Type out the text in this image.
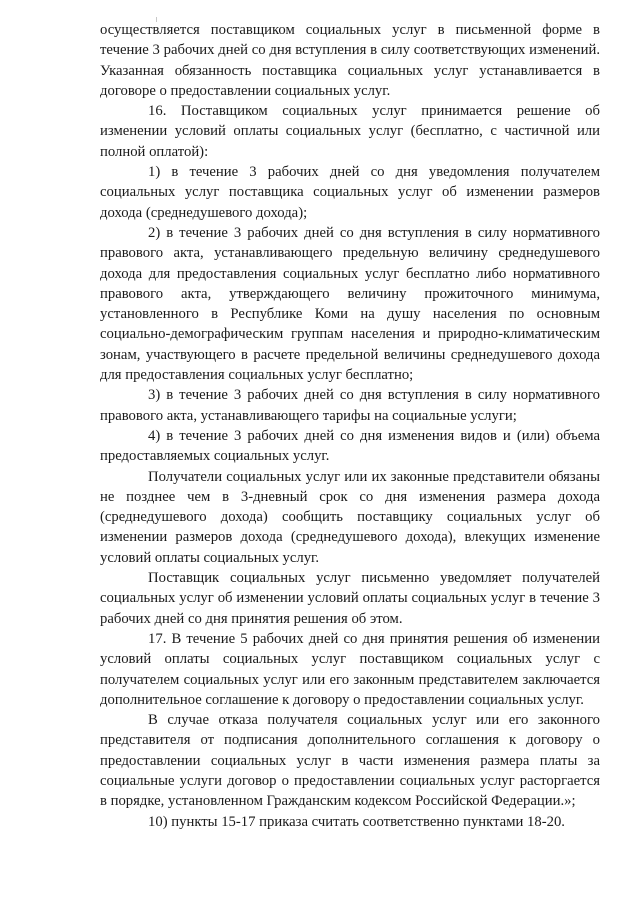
осуществляется поставщиком социальных услуг в письменной форме в течение 3 рабочих дней со дня вступления в силу соответствующих изменений. Указанная обязанность поставщика социальных услуг устанавливается в договоре о предоставлении социальных услуг.

16. Поставщиком социальных услуг принимается решение об изменении условий оплаты социальных услуг (бесплатно, с частичной или полной оплатой):

1) в течение 3 рабочих дней со дня уведомления получателем социальных услуг поставщика социальных услуг об изменении размеров дохода (среднедушевого дохода);

2) в течение 3 рабочих дней со дня вступления в силу нормативного правового акта, устанавливающего предельную величину среднедушевого дохода для предоставления социальных услуг бесплатно либо нормативного правового акта, утверждающего величину прожиточного минимума, установленного в Республике Коми на душу населения по основным социально-демографическим группам населения и природно-климатическим зонам, участвующего в расчете предельной величины среднедушевого дохода для предоставления социальных услуг бесплатно;

3) в течение 3 рабочих дней со дня вступления в силу нормативного правового акта, устанавливающего тарифы на социальные услуги;

4) в течение 3 рабочих дней со дня изменения видов и (или) объема предоставляемых социальных услуг.

Получатели социальных услуг или их законные представители обязаны не позднее чем в 3-дневный срок со дня изменения размера дохода (среднедушевого дохода) сообщить поставщику социальных услуг об изменении размеров дохода (среднедушевого дохода), влекущих изменение условий оплаты социальных услуг.

Поставщик социальных услуг письменно уведомляет получателей социальных услуг об изменении условий оплаты социальных услуг в течение 3 рабочих дней со дня принятия решения об этом.

17. В течение 5 рабочих дней со дня принятия решения об изменении условий оплаты социальных услуг поставщиком социальных услуг с получателем социальных услуг или его законным представителем заключается дополнительное соглашение к договору о предоставлении социальных услуг.

В случае отказа получателя социальных услуг или его законного представителя от подписания дополнительного соглашения к договору о предоставлении социальных услуг в части изменения размера платы за социальные услуги договор о предоставлении социальных услуг расторгается в порядке, установленном Гражданским кодексом Российской Федерации.»;

10) пункты 15-17 приказа считать соответственно пунктами 18-20.
